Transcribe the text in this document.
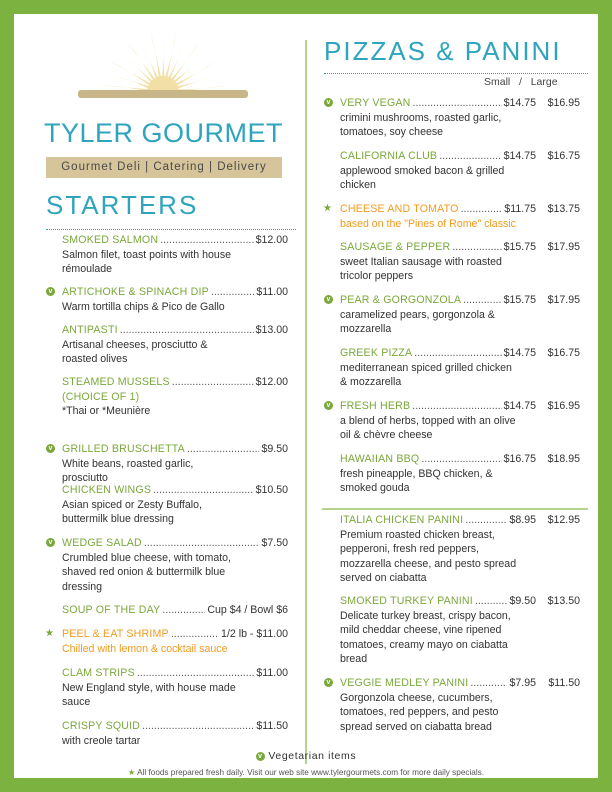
TYLER GOURMET
Gourmet Deli | Catering | Delivery
STARTERS
SMOKED SALMON .....	$12.00
Salmon filet, toast points with house
rémoulade
v ARTICHOKE & SPINACH DIP .....	$11.00
Warm tortilla chips & Pico de Gallo
ANTIPASTI .....	$13.00
Artisanal cheeses, prosciutto &
roasted olives
STEAMED MUSSELS .....	$12.00
(CHOICE OF 1)
*Thai or *Meunière
v GRILLED BRUSCHETTA .....	$9.50
White beans, roasted garlic,
prosciutto
CHICKEN WINGS .....	$10.50
Asian spiced or Zesty Buffalo,
buttermilk blue dressing
v WEDGE SALAD .....	$7.50
Crumbled blue cheese, with tomato,
shaved red onion & buttermilk blue
dressing
SOUP OF THE DAY .....	Cup $4 / Bowl $6
★ PEEL & EAT SHRIMP .....	1/2 lb - $11.00
Chilled with lemon & cocktail sauce
CLAM STRIPS .....	$11.00
New England style, with house made
sauce
CRISPY SQUID .....	$11.50
with creole tartar
PIZZAS & PANINI
Small / Large
v VERY VEGAN .....	$14.75	$16.95
crimini mushrooms, roasted garlic,
tomatoes, soy cheese
CALIFORNIA CLUB .....	$14.75	$16.75
applewood smoked bacon & grilled
chicken
★ CHEESE AND TOMATO .....	$11.75	$13.75
based on the "Pines of Rome" classic
SAUSAGE & PEPPER .....	$15.75	$17.95
sweet Italian sausage with roasted
tricolor peppers
v PEAR & GORGONZOLA .....	$15.75	$17.95
caramelized pears, gorgonzola &
mozzarella
GREEK PIZZA .....	$14.75	$16.75
mediterranean spiced grilled chicken
& mozzarella
v FRESH HERB .....	$14.75	$16.95
a blend of herbs, topped with an olive
oil & chèvre cheese
HAWAIIAN BBQ .....	$16.75	$18.95
fresh pineapple, BBQ chicken, &
smoked gouda
ITALIA CHICKEN PANINI .....	$8.95	$12.95
Premium roasted chicken breast,
pepperoni, fresh red peppers,
mozzarella cheese, and pesto spread
served on ciabatta
SMOKED TURKEY PANINI .....	$9.50	$13.50
Delicate turkey breast, crispy bacon,
mild cheddar cheese, vine ripened
tomatoes, creamy mayo on ciabatta
bread
v VEGGIE MEDLEY PANINI .....	$7.95	$11.50
Gorgonzola cheese, cucumbers,
tomatoes, red peppers, and pesto
spread served on ciabatta bread
v Vegetarian items
★ All foods prepared fresh daily. Visit our web site www.tylergourmets.com for more daily specials.
